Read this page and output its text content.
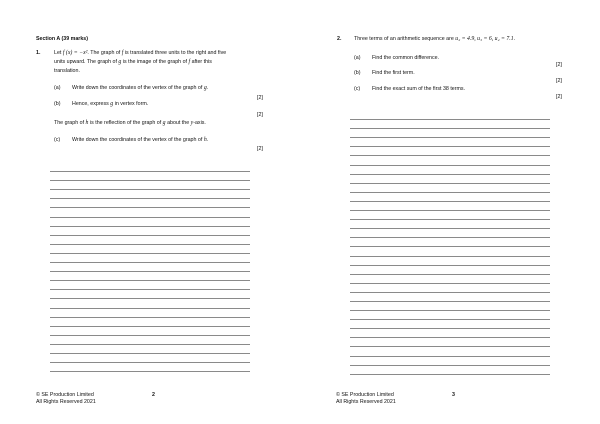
Section A (39 marks)
1.	Let f (x) = −x². The graph of f is translated three units to the right and five
units upward. The graph of g is the image of the graph of f after this
translation.
(a) Write down the coordinates of the vertex of the graph of g.
[2]
(b) Hence, express g in vertex form.
[2]
The graph of h is the reflection of the graph of g about the y-axis.
(c) Write down the coordinates of the vertex of the graph of h.
[2]
© SE Production Limited
All Rights Reserved 2021
2
2. Three terms of an arithmetic sequence are u₂ = 4.9, u₃ = 6, u₄ = 7.1.
(a) Find the common difference.
[2]
(b) Find the first term.
[2]
(c) Find the exact sum of the first 38 terms.
[2]
© SE Production Limited
All Rights Reserved 2021
3
